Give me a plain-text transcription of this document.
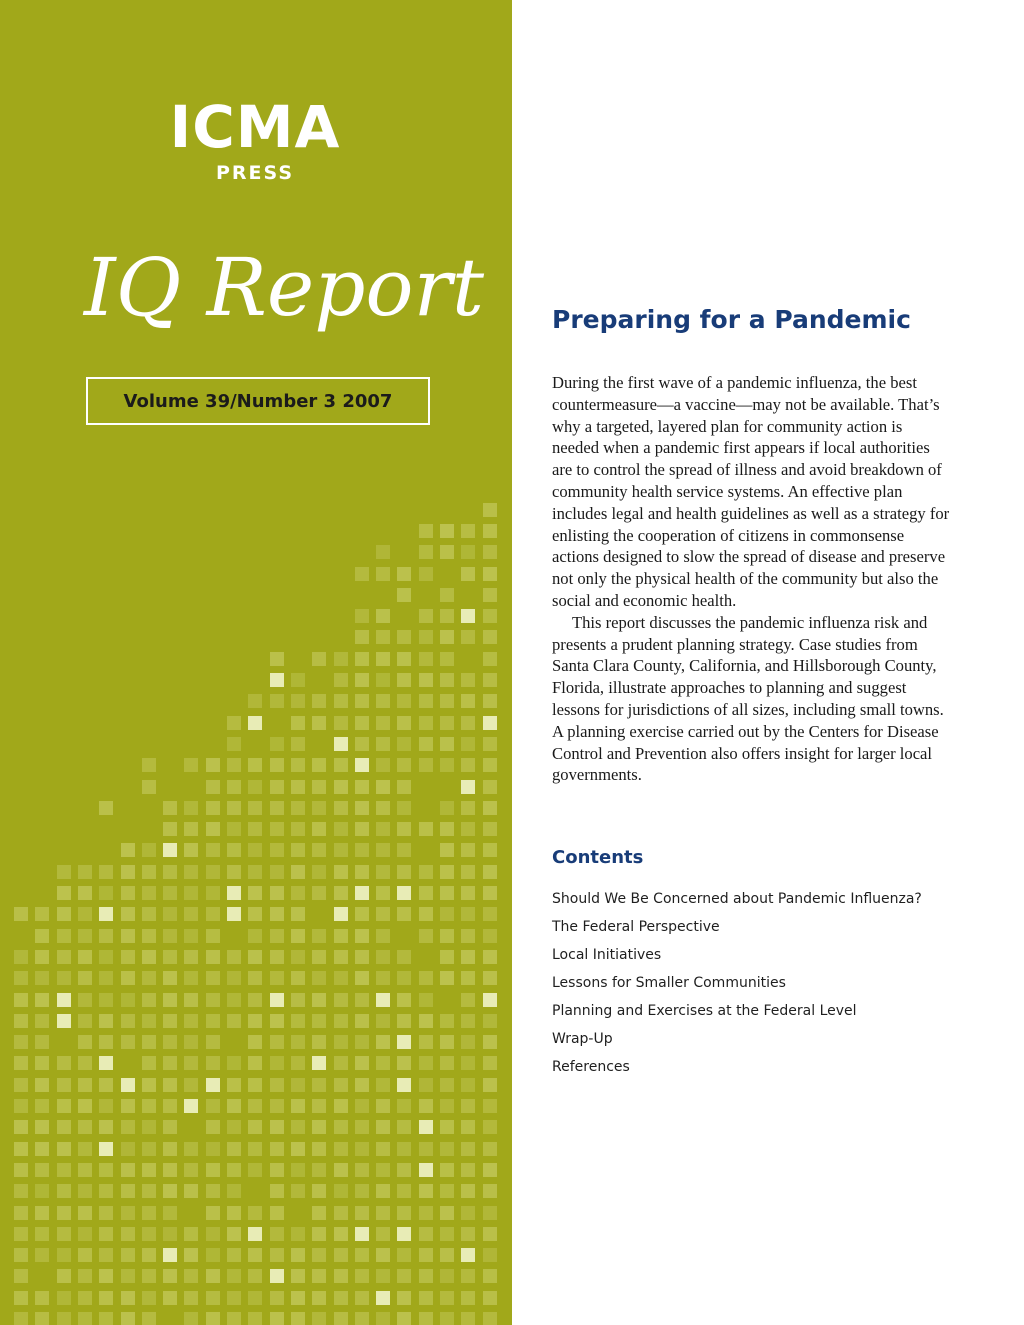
ICMA
PRESS
IQ Report
Volume 39/Number 3 2007
Preparing for a Pandemic

During the first wave of a pandemic influenza, the best countermeasure—a vaccine—may not be available. That’s why a targeted, layered plan for community action is needed when a pandemic first appears if local authorities are to control the spread of illness and avoid breakdown of community health service systems. An effective plan includes legal and health guidelines as well as a strategy for enlisting the cooperation of citizens in commonsense actions designed to slow the spread of disease and preserve not only the physical health of the community but also the social and economic health.

This report discusses the pandemic influenza risk and presents a prudent planning strategy. Case studies from Santa Clara County, California, and Hillsborough County, Florida, illustrate approaches to planning and suggest lessons for jurisdictions of all sizes, including small towns. A planning exercise carried out by the Centers for Disease Control and Prevention also offers insight for larger local governments.

Contents
Should We Be Concerned about Pandemic Influenza?
The Federal Perspective
Local Initiatives
Lessons for Smaller Communities
Planning and Exercises at the Federal Level
Wrap-Up
References
